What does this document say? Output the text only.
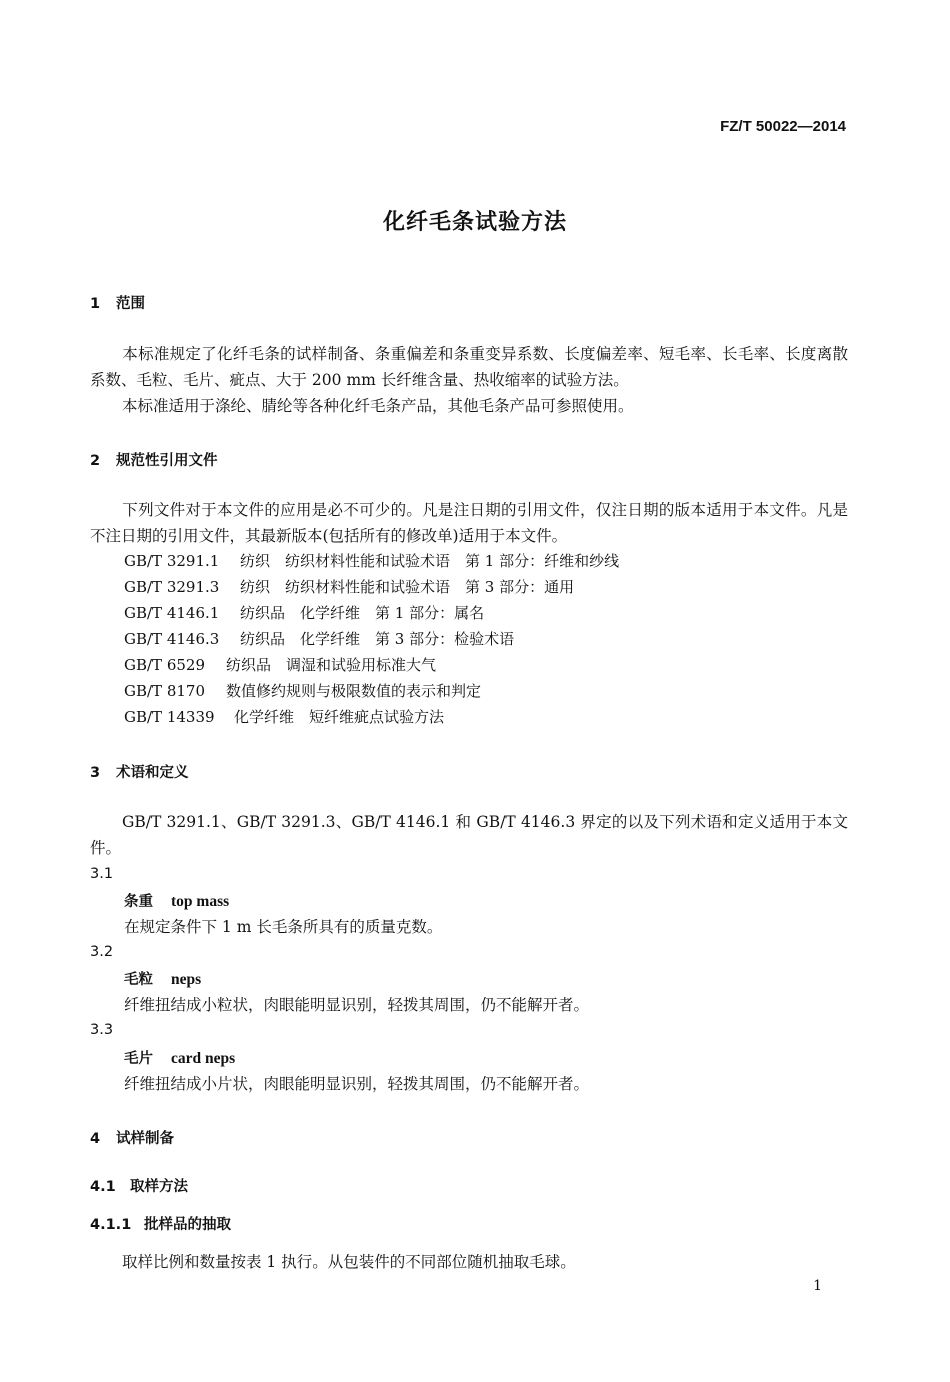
FZ/T 50022—2014
化纤毛条试验方法
1 范围
本标准规定了化纤毛条的试样制备、条重偏差和条重变异系数、长度偏差率、短毛率、长毛率、长度离散系数、毛粒、毛片、疵点、大于 200 mm 长纤维含量、热收缩率的试验方法。
本标准适用于涤纶、腈纶等各种化纤毛条产品，其他毛条产品可参照使用。
2 规范性引用文件
下列文件对于本文件的应用是必不可少的。凡是注日期的引用文件，仅注日期的版本适用于本文件。凡是不注日期的引用文件，其最新版本(包括所有的修改单)适用于本文件。
GB/T 3291.1 纺织　纺织材料性能和试验术语　第 1 部分：纤维和纱线
GB/T 3291.3 纺织　纺织材料性能和试验术语　第 3 部分：通用
GB/T 4146.1 纺织品　化学纤维　第 1 部分：属名
GB/T 4146.3 纺织品　化学纤维　第 3 部分：检验术语
GB/T 6529 纺织品　调湿和试验用标准大气
GB/T 8170 数值修约规则与极限数值的表示和判定
GB/T 14339 化学纤维　短纤维疵点试验方法
3 术语和定义
GB/T 3291.1、GB/T 3291.3、GB/T 4146.1 和 GB/T 4146.3 界定的以及下列术语和定义适用于本文件。
3.1
条重 top mass
在规定条件下 1 m 长毛条所具有的质量克数。
3.2
毛粒 neps
纤维扭结成小粒状，肉眼能明显识别，轻拨其周围，仍不能解开者。
3.3
毛片 card neps
纤维扭结成小片状，肉眼能明显识别，轻拨其周围，仍不能解开者。
4 试样制备
4.1 取样方法
4.1.1 批样品的抽取
取样比例和数量按表 1 执行。从包装件的不同部位随机抽取毛球。
1
